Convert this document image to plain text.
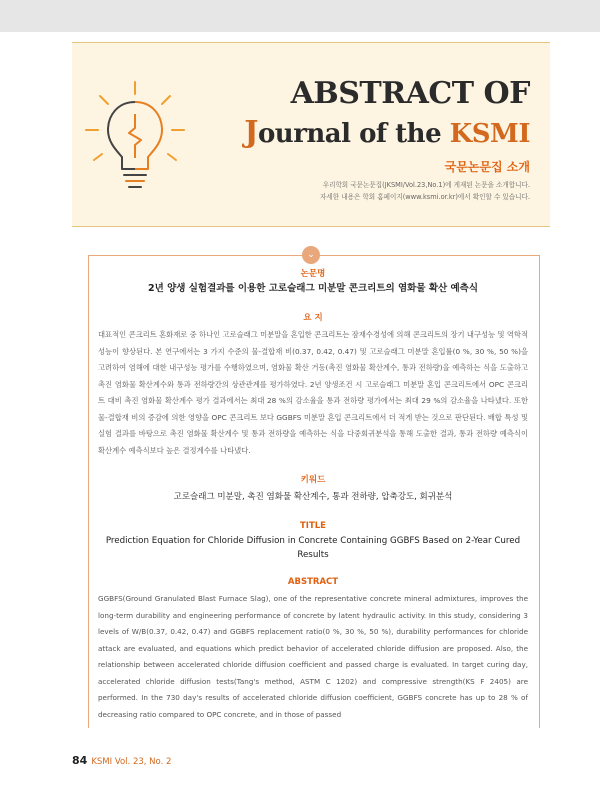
ABSTRACT OF
Journal of the KSMI
국문논문집 소개
우리학회 국문논문집(JKSMI/Vol.23,No.1)에 게재된 논문을 소개합니다.
자세한 내용은 학회 홈페이지(www.ksmi.or.kr)에서 확인할 수 있습니다.
⌄

논문명

2년 양생 실험결과를 이용한 고로슬래그 미분말 콘크리트의 염화물 확산 예측식

요 지

대표적인 콘크리트 혼화재로 중 하나인 고로슬래그 미분말을 혼입한 콘크리트는 잠재수경성에 의해 콘크리트의 장기 내구성능 및 역학적 성능이 향상된다. 본 연구에서는 3 가지 수준의 물-결합재 비(0.37, 0.42, 0.47) 및 고로슬래그 미분말 혼입률(0 %, 30 %, 50 %)을 고려하여 염해에 대한 내구성능 평가를 수행하였으며, 염화물 확산 거동(촉진 염화물 확산계수, 통과 전하량)을 예측하는 식을 도출하고 촉진 염화물 확산계수와 통과 전하량간의 상관관계를 평가하였다. 2년 양생조건 시 고로슬래그 미분말 혼입 콘크리트에서 OPC 콘크리트 대비 촉진 염화물 확산계수 평가 결과에서는 최대 28 %의 감소율을 통과 전하량 평가에서는 최대 29 %의 감소율을 나타냈다. 또한 물-결합재 비의 증감에 의한 영향을 OPC 콘크리트 보다 GGBFS 미분말 혼입 콘크리트에서 더 적게 받는 것으로 판단된다. 배합 특성 및 실험 결과를 바탕으로 촉진 염화물 확산계수 및 통과 전하량을 예측하는 식을 다중회귀분석을 통해 도출한 결과, 통과 전하량 예측식이 확산계수 예측식보다 높은 결정계수를 나타냈다.

키워드

고로슬래그 미분말, 촉진 염화물 확산계수, 통과 전하량, 압축강도, 회귀분석

TITLE

Prediction Equation for Chloride Diffusion in Concrete Containing GGBFS Based on 2-Year Cured Results

ABSTRACT

GGBFS(Ground Granulated Blast Furnace Slag), one of the representative concrete mineral admixtures, improves the long-term durability and engineering performance of concrete by latent hydraulic activity. In this study, considering 3 levels of W/B(0.37, 0.42, 0.47) and GGBFS replacement ratio(0 %, 30 %, 50 %), durability performances for chloride attack are evaluated, and equations which predict behavior of accelerated chloride diffusion are proposed. Also, the relationship between accelerated chloride diffusion coefficient and passed charge is evaluated. In target curing day, accelerated chloride diffusion tests(Tang's method, ASTM C 1202) and compressive strength(KS F 2405) are performed. In the 730 day's results of accelerated chloride diffusion coefficient, GGBFS concrete has up to 28 % of decreasing ratio compared to OPC concrete, and in those of passed

84 KSMI Vol. 23, No. 2
